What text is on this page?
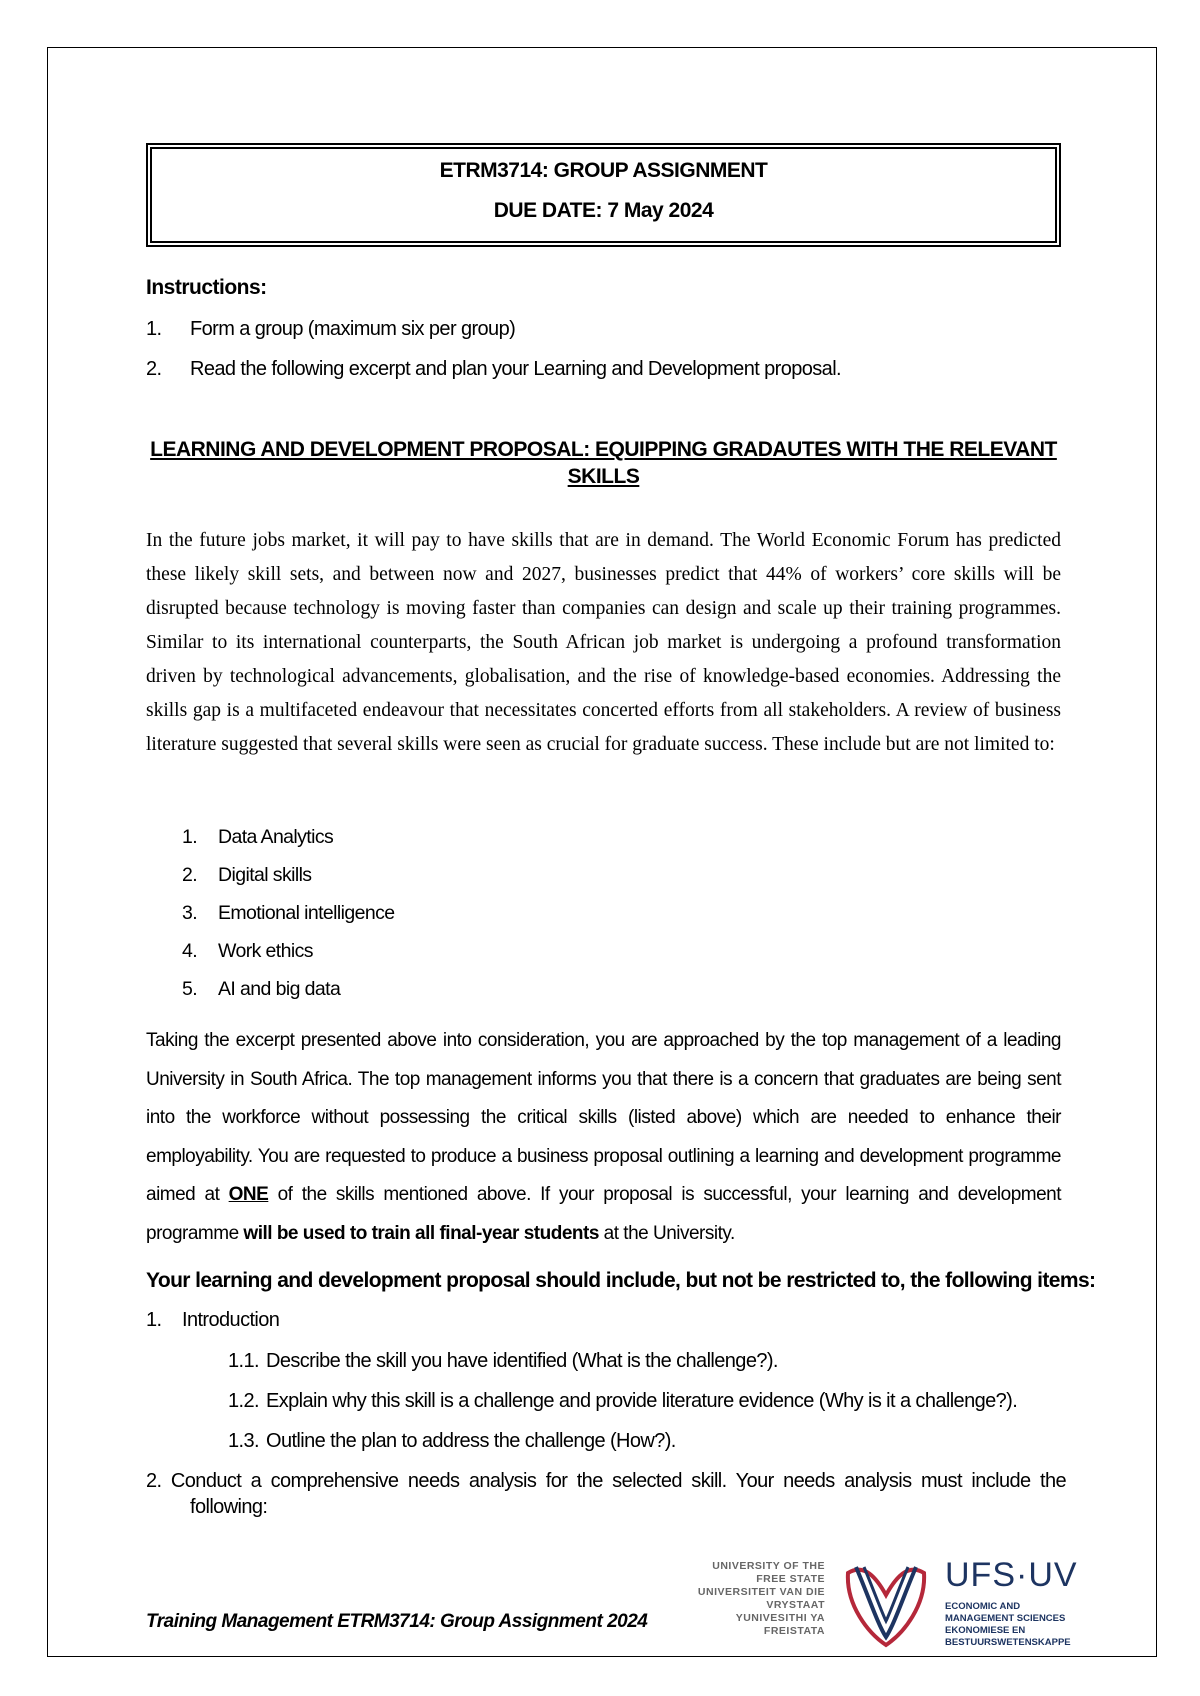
ETRM3714: GROUP ASSIGNMENT
DUE DATE: 7 May 2024
Instructions:
1. Form a group (maximum six per group)
2. Read the following excerpt and plan your Learning and Development proposal.
LEARNING AND DEVELOPMENT PROPOSAL: EQUIPPING GRADAUTES WITH THE RELEVANT
SKILLS
In the future jobs market, it will pay to have skills that are in demand. The World Economic Forum has predicted these likely skill sets, and between now and 2027, businesses predict that 44% of workers’ core skills will be disrupted because technology is moving faster than companies can design and scale up their training programmes. Similar to its international counterparts, the South African job market is undergoing a profound transformation driven by technological advancements, globalisation, and the rise of knowledge-based economies. Addressing the skills gap is a multifaceted endeavour that necessitates concerted efforts from all stakeholders. A review of business literature suggested that several skills were seen as crucial for graduate success. These include but are not limited to:
1. Data Analytics
2. Digital skills
3. Emotional intelligence
4. Work ethics
5. AI and big data
Taking the excerpt presented above into consideration, you are approached by the top management of a leading University in South Africa. The top management informs you that there is a concern that graduates are being sent into the workforce without possessing the critical skills (listed above) which are needed to enhance their employability. You are requested to produce a business proposal outlining a learning and development programme aimed at ONE of the skills mentioned above. If your proposal is successful, your learning and development programme will be used to train all final-year students at the University.
Your learning and development proposal should include, but not be restricted to, the following items:
1. Introduction
1.1. Describe the skill you have identified (What is the challenge?).
1.2. Explain why this skill is a challenge and provide literature evidence (Why is it a challenge?).
1.3. Outline the plan to address the challenge (How?).
2. Conduct a comprehensive needs analysis for the selected skill. Your needs analysis must include the
following:
Training Management ETRM3714: Group Assignment 2024
UNIVERSITY OF THE
FREE STATE
UNIVERSITEIT VAN DIE
VRYSTAAT
YUNIVESITHI YA
FREISTATA
UFS·UV
ECONOMIC AND
MANAGEMENT SCIENCES
EKONOMIESE EN
BESTUURSWETENSKAPPE
